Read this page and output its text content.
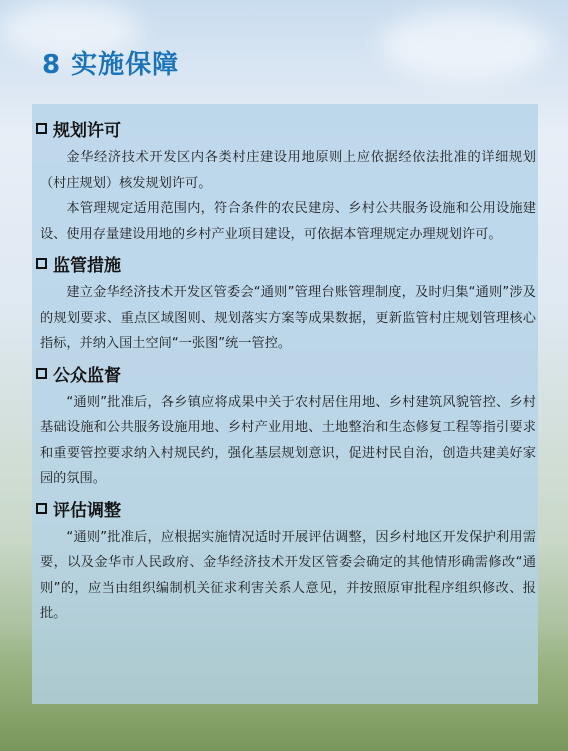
8 实施保障
规划许可

金华经济技术开发区内各类村庄建设用地原则上应依据经依法批准的详细规划（村庄规划）核发规划许可。

本管理规定适用范围内，符合条件的农民建房、乡村公共服务设施和公用设施建设、使用存量建设用地的乡村产业项目建设，可依据本管理规定办理规划许可。

监管措施

建立金华经济技术开发区管委会“通则”管理台账管理制度，及时归集“通则”涉及的规划要求、重点区域图则、规划落实方案等成果数据，更新监管村庄规划管理核心指标，并纳入国土空间“一张图”统一管控。

公众监督

“通则”批准后，各乡镇应将成果中关于农村居住用地、乡村建筑风貌管控、乡村基础设施和公共服务设施用地、乡村产业用地、土地整治和生态修复工程等指引要求和重要管控要求纳入村规民约，强化基层规划意识，促进村民自治，创造共建美好家园的氛围。

评估调整

“通则”批准后，应根据实施情况适时开展评估调整，因乡村地区开发保护利用需要，以及金华市人民政府、金华经济技术开发区管委会确定的其他情形确需修改“通则”的，应当由组织编制机关征求利害关系人意见，并按照原审批程序组织修改、报批。
